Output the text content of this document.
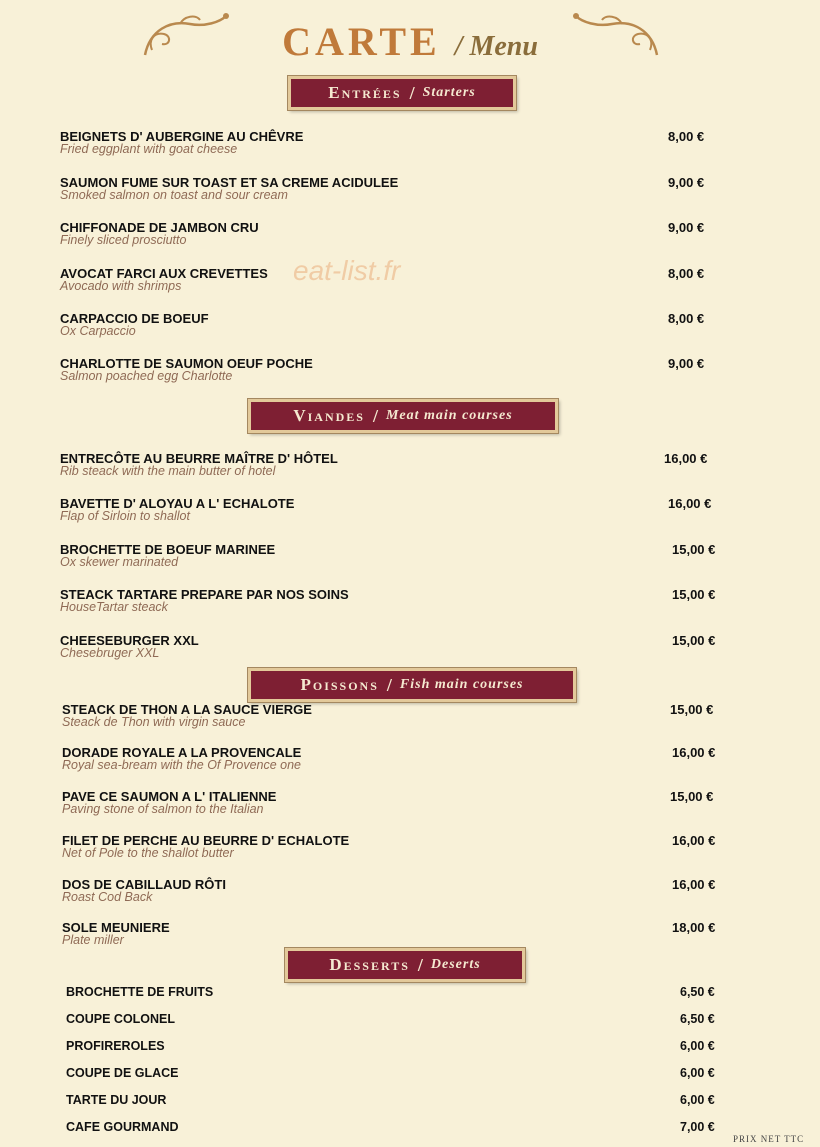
CARTE / Menu
Entrées / Starters
Viandes / Meat main courses
Poissons / Fish main courses
Desserts / Deserts
BEIGNETS D' AUBERGINE AU CHÊVRE
Fried eggplant with goat cheese
8,00 €
SAUMON FUME SUR TOAST ET SA CREME ACIDULEE
Smoked salmon on toast and sour cream
9,00 €
CHIFFONADE DE JAMBON CRU
Finely sliced prosciutto
9,00 €
AVOCAT FARCI AUX CREVETTES
Avocado with shrimps
8,00 €
CARPACCIO DE BOEUF
Ox Carpaccio
8,00 €
CHARLOTTE DE SAUMON OEUF POCHE
Salmon poached egg Charlotte
9,00 €
eat-list.fr
ENTRECÔTE AU BEURRE MAÎTRE D' HÔTEL
Rib steack with the main butter of hotel
16,00 €
BAVETTE D' ALOYAU A L' ECHALOTE
Flap of Sirloin to shallot
16,00 €
BROCHETTE DE BOEUF MARINEE
Ox skewer marinated
15,00 €
STEACK TARTARE PREPARE PAR NOS SOINS
HouseTartar steack
15,00 €
CHEESEBURGER XXL
Chesebruger XXL
15,00 €
STEACK DE THON A LA SAUCE VIERGE
Steack de Thon with virgin sauce
15,00 €
DORADE ROYALE A LA PROVENCALE
Royal sea-bream with the Of Provence one
16,00 €
PAVE CE SAUMON A L' ITALIENNE
Paving stone of salmon to the Italian
15,00 €
FILET DE PERCHE AU BEURRE D' ECHALOTE
Net of Pole to the shallot butter
16,00 €
DOS DE CABILLAUD RÔTI
Roast Cod Back
16,00 €
SOLE MEUNIERE
Plate miller
18,00 €
BROCHETTE DE FRUITS	6,50 €
COUPE COLONEL	6,50 €
PROFIREROLES	6,00 €
COUPE DE GLACE	6,00 €
TARTE DU JOUR	6,00 €
CAFE GOURMAND	7,00 €
PRIX NET TTC
